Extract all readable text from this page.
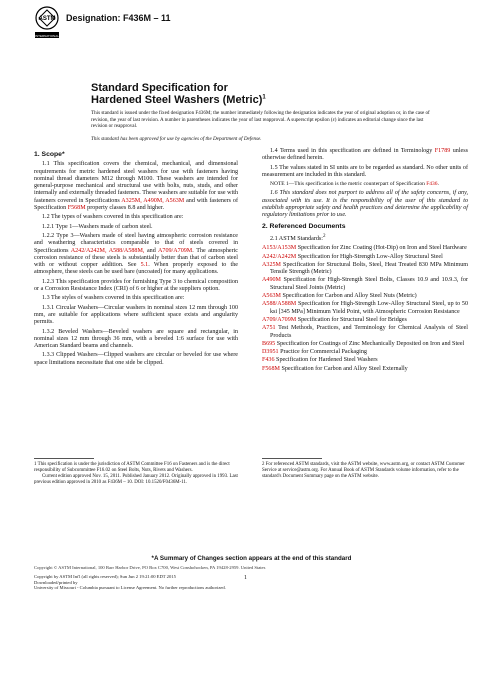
ASTM
INTERNATIONAL
Designation: F436M – 11
Standard Specification for
Hardened Steel Washers (Metric)$^1$
This standard is issued under the fixed designation F436M; the number immediately following the designation indicates the year of original adoption or, in the case of revision, the year of last revision. A number in parentheses indicates the year of last reapproval. A superscript epsilon (ε) indicates an editorial change since the last revision or reapproval.
This standard has been approved for use by agencies of the Department of Defense.

1. Scope*

1.1 This specification covers the chemical, mechanical, and dimensional requirements for metric hardened steel washers for use with fasteners having nominal thread diameters M12 through M100. These washers are intended for general-purpose mechanical and structural use with bolts, nuts, studs, and other internally and externally threaded fasteners. These washers are suitable for use with fasteners covered in Specifications A325M, A490M, A563M and with fasteners of Specification F568M property classes 8.8 and higher.

1.2 The types of washers covered in this specification are:

1.2.1 Type 1—Washers made of carbon steel.

1.2.2 Type 3—Washers made of steel having atmospheric corrosion resistance and weathering characteristics comparable to that of steels covered in Specifications A242/A242M, A588/A588M, and A709/A709M. The atmospheric corrosion resistance of these steels is substantially better than that of carbon steel with or without copper addition. See 5.1. When properly exposed to the atmosphere, these steels can be used bare (uncoated) for many applications.

1.2.3 This specification provides for furnishing Type 3 to chemical composition or a Corrosion Resistance Index (CRI) of 6 or higher at the suppliers option.

1.3 The styles of washers covered in this specification are:

1.3.1 Circular Washers—Circular washers in nominal sizes 12 mm through 100 mm, are suitable for applications where sufficient space exists and angularity permits.

1.3.2 Beveled Washers—Beveled washers are square and rectangular, in nominal sizes 12 mm through 36 mm, with a beveled 1:6 surface for use with American Standard beams and channels.

1.3.3 Clipped Washers—Clipped washers are circular or beveled for use where space limitations necessitate that one side be clipped.

1.4 Terms used in this specification are defined in Terminology F1789 unless otherwise defined herein.

1.5 The values stated in SI units are to be regarded as standard. No other units of measurement are included in this standard.

NOTE 1—This specification is the metric counterpart of Specification F436.

1.6 This standard does not purport to address all of the safety concerns, if any, associated with its use. It is the responsibility of the user of this standard to establish appropriate safety and health practices and determine the applicability of regulatory limitations prior to use.

2. Referenced Documents

2.1 ASTM Standards:$^2$

A153/A153M Specification for Zinc Coating (Hot-Dip) on Iron and Steel Hardware

A242/A242M Specification for High-Strength Low-Alloy Structural Steel

A325M Specification for Structural Bolts, Steel, Heat Treated 830 MPa Minimum Tensile Strength (Metric)

A490M Specification for High-Strength Steel Bolts, Classes 10.9 and 10.9.3, for Structural Steel Joints (Metric)

A563M Specification for Carbon and Alloy Steel Nuts (Metric)

A588/A588M Specification for High-Strength Low-Alloy Structural Steel, up to 50 ksi [345 MPa] Minimum Yield Point, with Atmospheric Corrosion Resistance

A709/A709M Specification for Structural Steel for Bridges

A751 Test Methods, Practices, and Terminology for Chemical Analysis of Steel Products

B695 Specification for Coatings of Zinc Mechanically Deposited on Iron and Steel

D3951 Practice for Commercial Packaging

F436 Specification for Hardened Steel Washers

F568M Specification for Carbon and Alloy Steel Externally

1 This specification is under the jurisdiction of ASTM Committee F16 on Fasteners and is the direct responsibility of Subcommittee F16.02 on Steel Bolts, Nuts, Rivets and Washers.
Current edition approved Nov. 15, 2011. Published January 2012. Originally approved in 1993. Last previous edition approved in 2010 as F436M – 10. DOI: 10.1520/F0436M-11.
2 For referenced ASTM standards, visit the ASTM website, www.astm.org, or contact ASTM Customer Service at service@astm.org. For Annual Book of ASTM Standards volume information, refer to the standard's Document Summary page on the ASTM website.
*A Summary of Changes section appears at the end of this standard
Copyright © ASTM International, 100 Barr Harbor Drive, PO Box C700, West Conshohocken, PA 19428-2959. United States
1
Copyright by ASTM Int'l (all rights reserved); Sun Jun 2 19:21:00 EDT 2015
Downloaded/printed by
University of Missouri - Columbia pursuant to License Agreement. No further reproductions authorized.
